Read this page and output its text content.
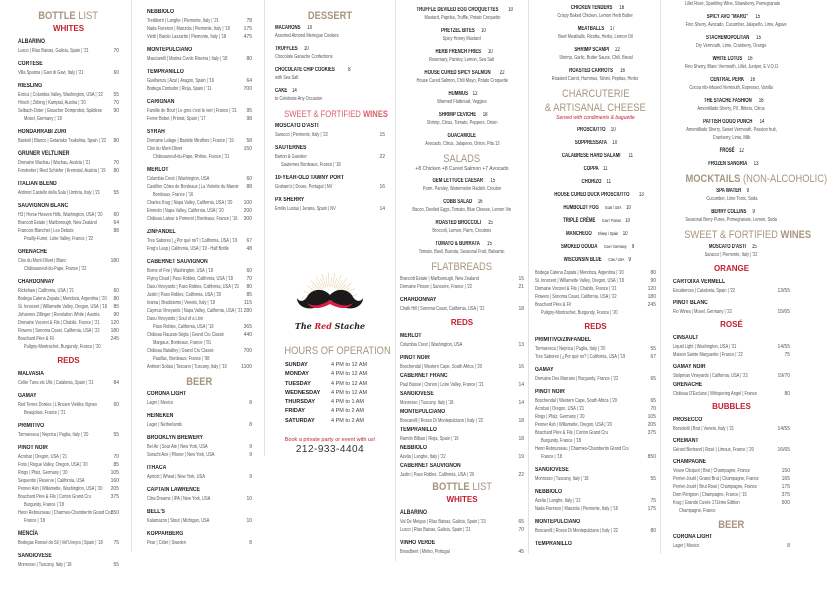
BOTTLE LIST
WHITES
ALBARIÑO
Lusco | Rías Baixas, Galicia, Spain | '21	70
CORTESE
Villa Sparina | Gavi di Gavi, Italy | '21	60
RIESLING
Eroica | Columbia Valley, Washington, USA | '22 55
Hirsch | Zöbing | Kamptal, Austria | '20	70
Selbach-Oster | Graacher Domprobst, Spätlese 90
Mosel, Germany | '18
HONDARRABI ZURI
Baskoli | Blanco | Getariako Txakolina, Spain | '22 80
GRÜNER VELTLINER
Domaine Wachau | Wachau, Austria | '21	70
Forstreiter | Ried Schiefer | Kremstal, Austria | '19 80
ITALIAN BLEND
Antinori Castello della Sala | Umbria, Italy | '21	55
SAUVIGNON BLANC
H3 | Horse Heaven Hills, Washington, USA | '20 60
Brancott Estate | Marlborough, New Zealand	64
Francois Blanchet | Les Debuts	88
Pouilly-Fumé, Loire Valley, France | '22
GRENACHE
Clos du Mont-Olivet | Blanc	180
Châteauneuf-du-Pape, France | '22
CHARDONNAY
Rickshaw | California, USA | '21	60
Bodega Catena Zapata | Mendoza, Argentina | '20 80
St. Innocent | Willamette Valley, Oregon, USA | '18 85
Johannes Zillinger | Revolution White | Austria	90
Domaine Vocoret & Fils | Chablis, France | '21 120
Flowers | Sonoma Coast, California, USA | '22 180
Bouchard Père & Fil	245
Puligny-Montrachet, Burgundy, France | '20
REDS
MALVASIA
Celler Tuna els Ulls | Catalonia, Spain | '21	84
GAMAY
Red Terres Dorées | L'Ancien Vieilles Vignes	60
Beaujolais, France | '21
PRIMITIVO
Tormaresca | Neprica | Puglia, Italy | '20	55
PINOT NOIR
Acrobat | Oregon, USA | '21	70
Foris | Rogue Valley, Oregon, USA | '20	85
Rings | Pfalz, Germany | '20	105
Sequentis | Reserve | California, USA	160
Penner Ash | Willamette, Washington, USA | '20 205
Bouchard Père & Fils | Corton Grand Cru	375
Burgundy, France | '18
Henri Rebourseau | Charmes-Chambertin Grand Cru
850
France | '18
MENCÍA
Bodegas Ronsel do Sil | Vel'Uveyra | Spain | '18 75
SANGIOVESE
Monrosso | Tuscany, Italy | '18	55
NEBBIOLO
Trediberri | Langhe | Piemonte, Italy | '21	78
Nada Fiorenzo | Manzola | Piemonte, Italy | '18	175
Vietti | Barolo Lazzarito | Piemonte, Italy | '18	475
MONTEPULCIANO
Masciarelli | Marina Cvetic Riserva | Italy | '18	80
TEMPRANILLO
Guelbenzu | Azul | Aragon, Spain | '16	64
Bodega Contador | Rioja, Spain | '11	700
CARIGNAN
Famille de Bout | Le gros c'est le vert | France | '21 95
Ferrer Bobet | Priorat, Spain | '17	98
SYRAH
Domaine Lafage | Bastide Miraflors | France | '19	58
Clos du Mont-Olivet	150
Châteauneuf-du-Pape, Rhône, France | '21
MERLOT
Columbia Crest | Washington, USA	60
Castillon Côtes de Bordeaux | La Violette du Manoir 88
Bordeaux, France | '16
Charles Krug | Napa Valley, California, USA | '20 100
Emmolo | Napa Valley, California, USA | '20	200
Château Latour à Pomerol | Bordeaux, France | '16 300
ZINFANDEL
Tres Sabores | ¿Por qué no? | California, USA | '19 67
Frog's Leap | California, USA | '19 - Half Bottle	48
CABERNET SAUVIGNON
Borne of Fire | Washington, USA | '18	60
Flying Cloud | Paso Robles, California, USA | '18	70
Daou Vineyards | Paso Robles, California, USA | '21 80
Justin | Paso Robles, California, USA | '20	85
Inama | Bradisismo | Veneto, Italy | '18	115
Caymus Vineyards | Napa Valley, California, USA | '21 280
Daou Vineyards | Soul of a Lion
Paso Robles, California, USA | '19	365
Château Rauzan-Ségla | Grand Cru Classé	440
Margaux, Bordeaux, France | '01
Château Batailley | Grand Cru Classé	700
Pauillac, Bordeaux, France | '98
Antinori Solaia | Toscano | Tuscany, Italy | '19	1100
BEER
CORONA LIGHT
Lager | Mexico	8
HEINEKEN
Lager | Netherlands	8
BROOKLYN BREWERY
Bel Air | Sour Ale | New York, USA	9
Sorachi Ace | Pilsner | New York, USA	9
ITHACA
Apricot | Wheat | New York, USA	9
CAPTAIN LAWRENCE
Citra Dreams | IPA | New York, USA	10
BELL'S
Kalamazoo | Stout | Michigan, USA	10
KOPPARBERG
Pear | Cider | Sweden	8
DESSERT
MACARONS 10
Assorted Almond Meringue Cookies
TRUFFLES 10
Chocolate Ganache Confections
CHOCOLATE CHIP COOKIES 8
with Sea Salt
CAKE 14
to Celebrate Any Occasion
SWEET & FORTIFIED WINES
MOSCATO D'ASTI
Saracco | Piemonte, Italy | '22	15
SAUTERNES
Barton & Guestier	22
Sauternes Bordeaux, France | '18
10-YEAR-OLD TAWNY PORT
Graham's | Douro, Portugal | NV	16
PX SHERRY
Emilio Lustau | Jerana, Spain | NV	14
The Red Stache
HOURS OF OPERATION
SUNDAY	4 PM to 12 AM
MONDAY	4 PM to 12 AM
TUESDAY	4 PM to 12 AM
WEDNESDAY	4 PM to 12 AM
THURSDAY	4 PM to 1 AM
FRIDAY	4 PM to 2 AM
SATURDAY	4 PM to 2 AM
Book a private party or event with us!
212-933-4404
TRUFFLE DEVILED EGG CROQUETTES 10
Mustard, Paprika, Truffle, Potato Croquette
PRETZEL BITES 10
Spicy Honey Mustard
HERB FRENCH FRIES 10
Rosemary, Parsley, Lemon, Sea Salt
HOUSE CURED SPICY SALMON 22
House Cured Salmon, Chili Mayo, Potato Croquette
HUMMUS 12
Warmed Flatbread, Veggies
SHRIMP CEVICHE 18
Shrimp, Citrus, Tomato, Peppers, Onion
GUACAMOLE
Avocado, Citrus, Jalapeno, Onion, Pita 13
SALADS
+8 Chicken +8 Cured Salmon +7 Avocado
GEM LETTUCE CAESAR 15
Parm, Parsley, Watermelon Radish, Crouton
COBB SALAD 16
Bacon, Deviled Eggs, Tomato, Blue Cheese, Lemon Vin
ROASTED BROCCOLI 15
Broccoli, Lemon, Parm, Croutons
TOMATO & BURRATA 15
Tomato, Basil, Burrata, Seasonal Fruit, Balsamic
FLATBREADS
Brancott Estate | Marlborough, New Zealand	15
Domaine Pinson | Sancerre, France | '22	21
CHARDONNAY
Chalk Hill | Sonoma Coast, California, USA | '22	18
REDS
MERLOT
Columbia Crest | Washington, USA	13
PINOT NOIR
Boschendal | Western Cape, South Africa | '20	16
CABERNET FRANC
Paul Buisse | Chinon | Loire Valley, France | '21	14
SANGIOVESE
Monrosso | Tuscany, Italy | '18	14
MONTEPULCIANO
Boscarelli | Rosso Di Montepulciano | Italy | '22	18
TEMPRANILLO
Ramón Bilbao | Rioja, Spain | '19	18
NEBBIOLO
Azelia | Langhe, Italy | '22	19
CABERNET SAUVIGNON
Justin | Paso Robles, California, USA | '20	22
BOTTLE LIST
WHITES
ALBARIÑO
Val De Meigas | Rías Baixas, Galicia, Spain | '23	65
Lusco | Rías Baixas, Galicia, Spain | '21	70
VINHO VERDE
Broadbent | Minho, Portugal	45
CHICKEN TENDERS 16
Crispy Baked Chicken, Lemon Herb Butter
MEATBALLS 17
Beef Meatballs, Ricotta, Herbs, Lemon Oil
SHRIMP SCAMPI 22
Shrimp, Garlic, Butter Sauce, Chili, Bread
ROASTED CARROTS 16
Roasted Carrot, Hummus, Tahini, Pepitas, Herbs
CHARCUTERIE
& ARTISANAL CHEESE
Served with condiments & baguette
PROSCIUTTO 10
SOPPRESSATA 10
CALABRESE HARD SALAMI 11
COPPA 11
CHORIZO 11
HOUSE CURED DUCK PROSCIUTTO 13
HUMBOLDT FOG Goat / USA 10
TRIPLE CRÈME Cow / France 10
MANCHEGO Sheep / Spain 10
SMOKED GOUDA Cow / Germany 9
WISCONSIN BLUE Cow / USA 9
Bodega Catena Zapata | Mendoza, Argentina | '20	80
St. Innocent | Willamette Valley, Oregon, USA | '18	90
Domaine Vocoret & Fils | Chablis, France | '21	120
Flowers | Sonoma Coast, California, USA | '22	180
Bouchard Père & Fil	245
Puligny-Montrachet, Burgundy, France | '20
REDS
PRIMITIVO/ZINFANDEL
Tormaresca | Neprica | Puglia, Italy | '20	55
Tres Sabores | ¿Por qué no? | California, USA | '19	67
GAMAY
Domaine Des Marrans | Burgundy, France | '22	65
PINOT NOIR
Boschendal | Western Cape, South Africa | '20	65
Acrobat | Oregon, USA | '21	70
Rings | Pfalz, Germany | '20	105
Penner Ash | Willamette, Oregon, USA | '20	205
Bouchard Père & Fils | Corton Grand Cru	375
Burgundy, France | '18
Henri Rebourseau | Charmes-Chambertin Grand Cru
France | '18	850
SANGIOVESE
Monrosso | Tuscany, Italy | '18	55
NEBBIOLO
Azelia | Langhe, Italy | '22	75
Nada Fiorenzo | Manzola | Piemonte, Italy | '18	175
MONTEPULCIANO
Boscarelli | Rosso Di Montepulciano | Italy | '22	80
TEMPRANILLO
Lillet Rosé, Sparkling Wine, Strawberry, Pomegranate
SPICY AVO "MARG" 15
Fino Sherry, Avocado, Cucumber, Jalapeño, Lime, Agave
STACHEMOPOLITAN 15
Dry Vermouth, Lime, Cranberry, Orange
WHITE LOTUS 16
Fino Sherry, Blanc Vermouth, Lillet, Juniper, E.V.O.O.
CENTRAL PERK 16
Cocoa nib-infused Vermouth, Espresso, Vanilla
THE STACHE FASHION 16
Amontillado Sherry, PX, Bitters, Citrus
PATTISH GOGO PUNCH 14
Amontillado Sherry, Sweet Vermouth, Passion fruit,
Cranberry, Lime, Milk
FROSÉ 12
FROZEN SANGRIA 13
MOCKTAILS (NON-ALCOHOLIC)
SPA WATER 9
Cucumber, Lime Tonic, Soda
BERRY COLLINS 9
Seasonal Berry Puree, Pomegranate, Lemon, Soda
SWEET & FORTIFIED WINES
MOSCATO D'ASTI 15
Saracco | Piemonte, Italy | '22
ORANGE
CARTOIXA VERMELL
Escaberces | Catalonia, Spain | '22	13/55
PINOT BLANC
Fio Wines | Mosel, Germany | '22	15/65
ROSÉ
CINSAULT
Liquid Light | Washington, USA | '21	14/55
Maison Sainte Marguerite | France | '22	75
GAMAY NOIR
Stolpman Vineyards | California, USA | '23	19/70
GRENACHE
Château D'Esclans | Whispering Angel | France	80
BUBBLES
PROSECCO
Borsoletti | Brut | Veneto, Italy | '21	14/55
CREMANT
Gérard Bertrand | Rosé | Limoux, France | '20	16/65
CHAMPAGNE
Veuve Clicquot | Brut | Champagne, France	150
Perrier-Jouët | Grand Brut | Champagne, France	165
Perrier-Jouët | Brut Rosé | Champagne, France	175
Dom Pérignon | Champagne, France | '15	375
Krug | Grande Cuvée 171ème Édition	500
Champagne, France
BEER
CORONA LIGHT
Lager | Mexico	8
